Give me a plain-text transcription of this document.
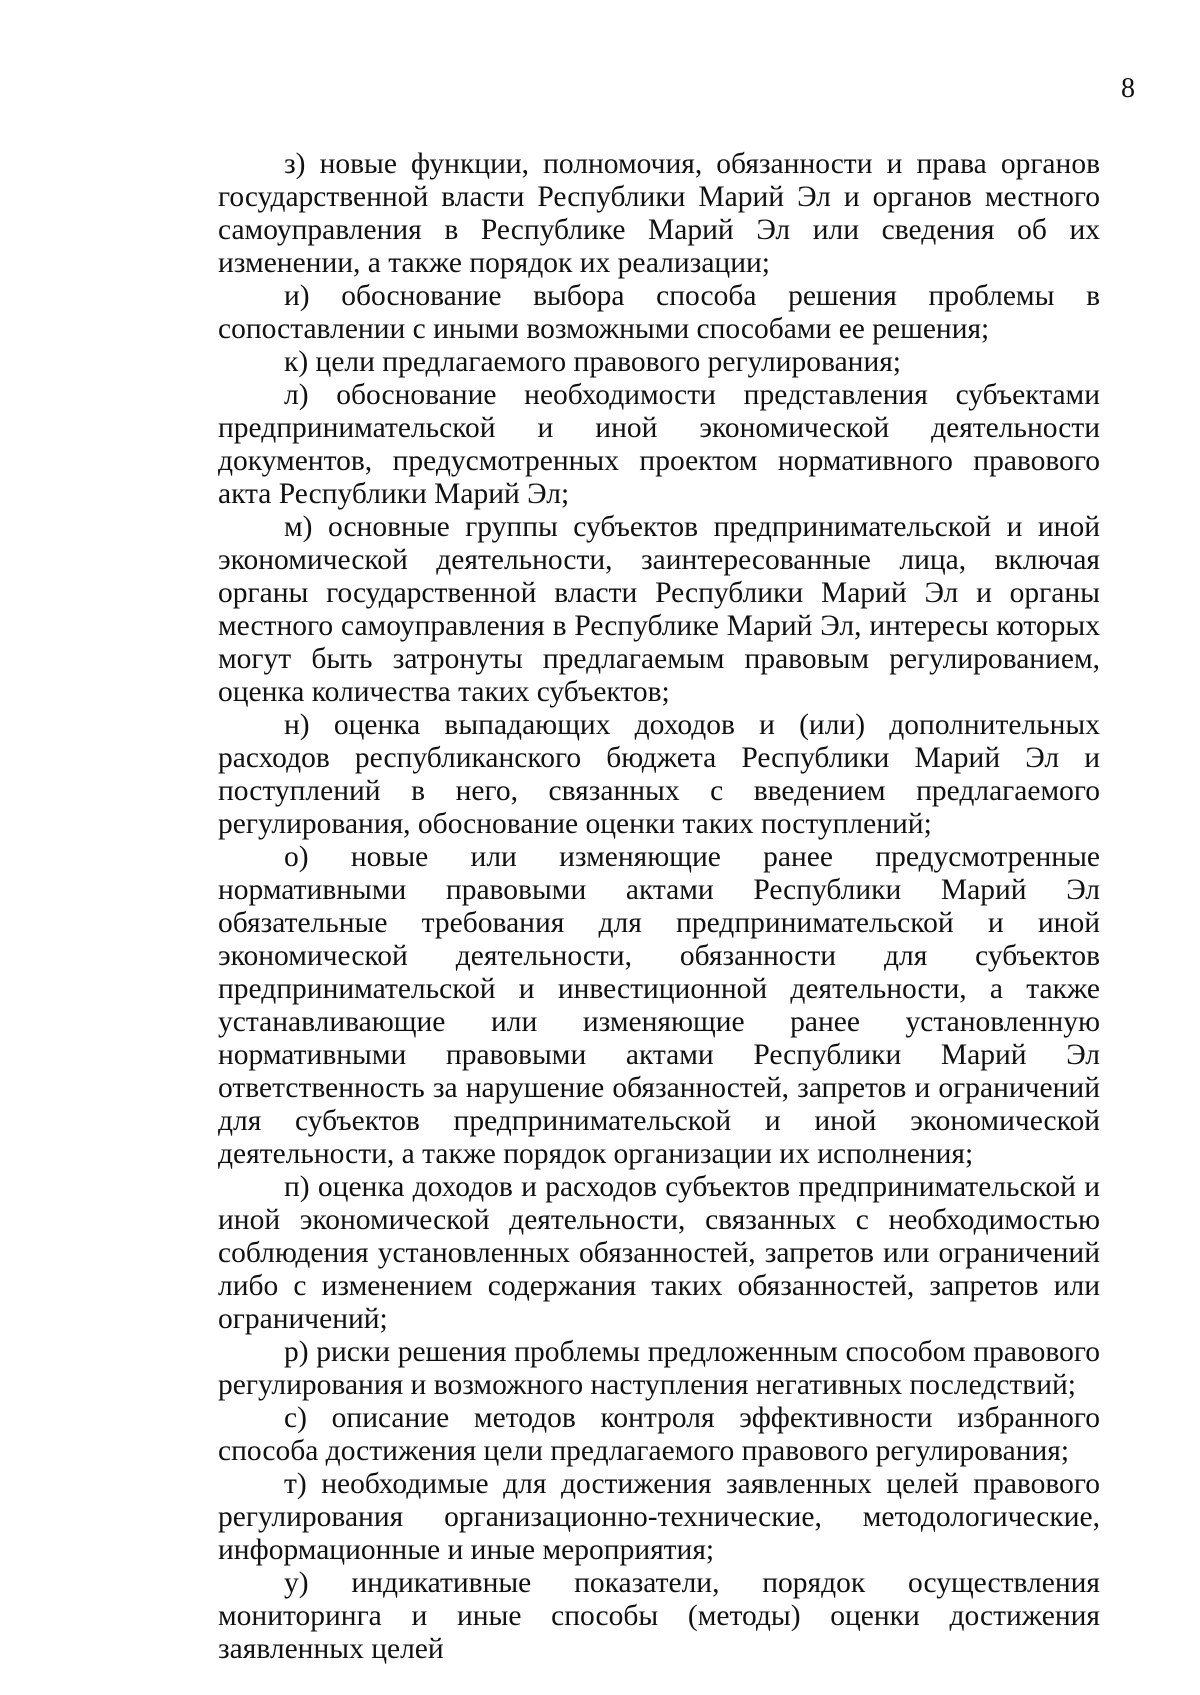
8

з) новые функции, полномочия, обязанности и права органов государственной власти Республики Марий Эл и органов местного самоуправления в Республике Марий Эл или сведения об их изменении, а также порядок их реализации;

и) обоснование выбора способа решения проблемы в сопоставлении с иными возможными способами ее решения;

к) цели предлагаемого правового регулирования;

л) обоснование необходимости представления субъектами предпринимательской и иной экономической деятельности документов, предусмотренных проектом нормативного правового акта Республики Марий Эл;

м) основные группы субъектов предпринимательской и иной экономической деятельности, заинтересованные лица, включая органы государственной власти Республики Марий Эл и органы местного самоуправления в Республике Марий Эл, интересы которых могут быть затронуты предлагаемым правовым регулированием, оценка количества таких субъектов;

н) оценка выпадающих доходов и (или) дополнительных расходов республиканского бюджета Республики Марий Эл и поступлений в него, связанных с введением предлагаемого регулирования, обоснование оценки таких поступлений;

о) новые или изменяющие ранее предусмотренные нормативными правовыми актами Республики Марий Эл обязательные требования для предпринимательской и иной экономической деятельности, обязанности для субъектов предпринимательской и инвестиционной деятельности, а также устанавливающие или изменяющие ранее установленную нормативными правовыми актами Республики Марий Эл ответственность за нарушение обязанностей, запретов и ограничений для субъектов предпринимательской и иной экономической деятельности, а также порядок организации их исполнения;

п) оценка доходов и расходов субъектов предпринимательской и иной экономической деятельности, связанных с необходимостью соблюдения установленных обязанностей, запретов или ограничений либо с изменением содержания таких обязанностей, запретов или ограничений;

р) риски решения проблемы предложенным способом правового регулирования и возможного наступления негативных последствий;

с) описание методов контроля эффективности избранного способа достижения цели предлагаемого правового регулирования;

т) необходимые для достижения заявленных целей правового регулирования организационно-технические, методологические, информационные и иные мероприятия;

у) индикативные показатели, порядок осуществления мониторинга и иные способы (методы) оценки достижения заявленных целей
